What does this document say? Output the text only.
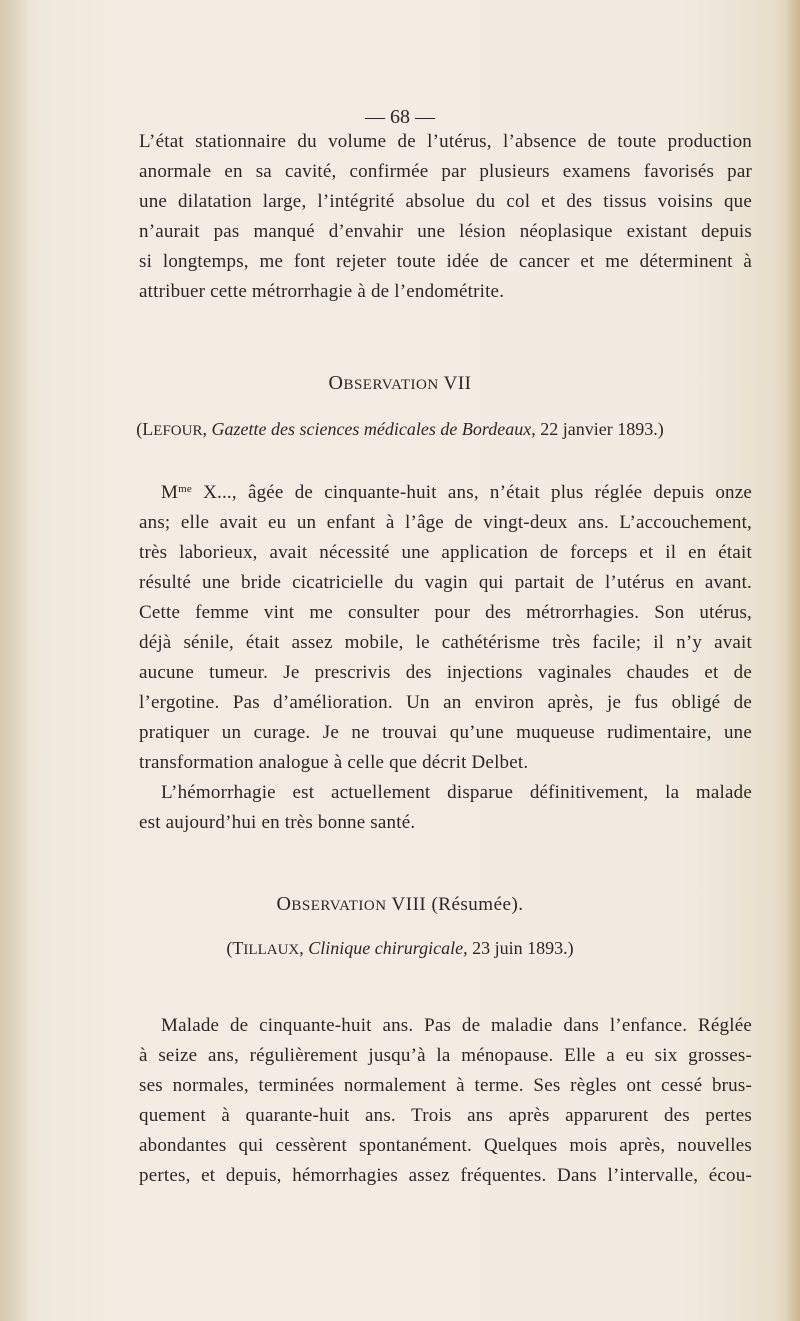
— 68 —
L’état stationnaire du volume de l’utérus, l’absence de toute production
anormale en sa cavité, confirmée par plusieurs examens favorisés par
une dilatation large, l’intégrité absolue du col et des tissus voisins que
n’aurait pas manqué d’envahir une lésion néoplasique existant depuis
si longtemps, me font rejeter toute idée de cancer et me déterminent à
attribuer cette métrorrhagie à de l’endométrite.
OBSERVATION VII
(LEFOUR, Gazette des sciences médicales de Bordeaux, 22 janvier 1893.)
$M^{me}$ X..., âgée de cinquante-huit ans, n’était plus réglée depuis onze
ans; elle avait eu un enfant à l’âge de vingt-deux ans. L’accouchement,
très laborieux, avait nécessité une application de forceps et il en était
résulté une bride cicatricielle du vagin qui partait de l’utérus en avant.
Cette femme vint me consulter pour des métrorrhagies. Son utérus,
déjà sénile, était assez mobile, le cathétérisme très facile; il n’y avait
aucune tumeur. Je prescrivis des injections vaginales chaudes et de
l’ergotine. Pas d’amélioration. Un an environ après, je fus obligé de
pratiquer un curage. Je ne trouvai qu’une muqueuse rudimentaire, une
transformation analogue à celle que décrit Delbet.
L’hémorrhagie est actuellement disparue définitivement, la malade
est aujourd’hui en très bonne santé.
OBSERVATION VIII (Résumée).
(TILLAUX, Clinique chirurgicale, 23 juin 1893.)
Malade de cinquante-huit ans. Pas de maladie dans l’enfance. Réglée
à seize ans, régulièrement jusqu’à la ménopause. Elle a eu six grosses-
ses normales, terminées normalement à terme. Ses règles ont cessé brus-
quement à quarante-huit ans. Trois ans après apparurent des pertes
abondantes qui cessèrent spontanément. Quelques mois après, nouvelles
pertes, et depuis, hémorrhagies assez fréquentes. Dans l’intervalle, écou-
